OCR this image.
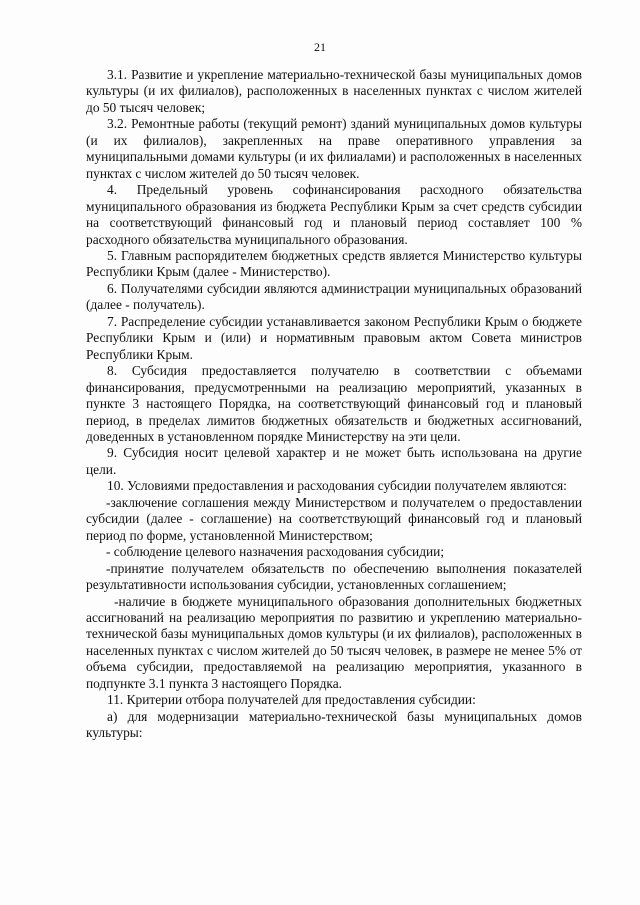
21

3.1. Развитие и укрепление материально-технической базы муниципальных домов культуры (и их филиалов), расположенных в населенных пунктах с числом жителей до 50 тысяч человек;

3.2. Ремонтные работы (текущий ремонт) зданий муниципальных домов культуры (и их филиалов), закрепленных на праве оперативного управления за муниципальными домами культуры (и их филиалами) и расположенных в населенных пунктах с числом жителей до 50 тысяч человек.

4. Предельный уровень софинансирования расходного обязательства муниципального образования из бюджета Республики Крым за счет средств субсидии на соответствующий финансовый год и плановый период составляет 100 % расходного обязательства муниципального образования.

5. Главным распорядителем бюджетных средств является Министерство культуры Республики Крым (далее - Министерство).

6. Получателями субсидии являются администрации муниципальных образований (далее - получатель).

7. Распределение субсидии устанавливается законом Республики Крым о бюджете Республики Крым и (или) и нормативным правовым актом Совета министров Республики Крым.

8. Субсидия предоставляется получателю в соответствии с объемами финансирования, предусмотренными на реализацию мероприятий, указанных в пункте 3 настоящего Порядка, на соответствующий финансовый год и плановый период, в пределах лимитов бюджетных обязательств и бюджетных ассигнований, доведенных в установленном порядке Министерству на эти цели.

9. Субсидия носит целевой характер и не может быть использована на другие цели.

10. Условиями предоставления и расходования субсидии получателем являются:

-заключение соглашения между Министерством и получателем о предоставлении субсидии (далее - соглашение) на соответствующий финансовый год и плановый период по форме, установленной Министерством;

- соблюдение целевого назначения расходования субсидии;

-принятие получателем обязательств по обеспечению выполнения показателей результативности использования субсидии, установленных соглашением;

-наличие в бюджете муниципального образования дополнительных бюджетных ассигнований на реализацию мероприятия по развитию и укреплению материально-технической базы муниципальных домов культуры (и их филиалов), расположенных в населенных пунктах с числом жителей до 50 тысяч человек, в размере не менее 5% от объема субсидии, предоставляемой на реализацию мероприятия, указанного в подпункте 3.1 пункта 3 настоящего Порядка.

11. Критерии отбора получателей для предоставления субсидии:

а) для модернизации материально-технической базы муниципальных домов культуры:
